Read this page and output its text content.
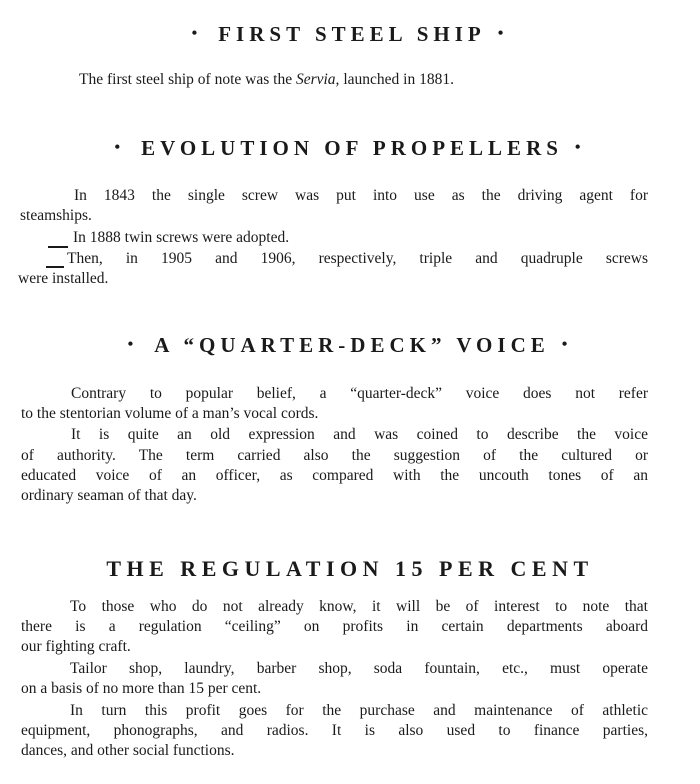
• FIRST STEEL SHIP •
The first steel ship of note was the Servia, launched in 1881.
• EVOLUTION OF PROPELLERS •
In 1843 the single screw was put into use as the driving agent for
steamships.
In 1888 twin screws were adopted.
Then, in 1905 and 1906, respectively, triple and quadruple screws
were installed.
• A “QUARTER-DECK” VOICE •
Contrary to popular belief, a “quarter-deck” voice does not refer
to the stentorian volume of a man’s vocal cords.
It is quite an old expression and was coined to describe the voice
of authority. The term carried also the suggestion of the cultured or
educated voice of an officer, as compared with the uncouth tones of an
ordinary seaman of that day.
THE REGULATION 15 PER CENT
To those who do not already know, it will be of interest to note that
there is a regulation “ceiling” on profits in certain departments aboard
our fighting craft.
Tailor shop, laundry, barber shop, soda fountain, etc., must operate
on a basis of no more than 15 per cent.
In turn this profit goes for the purchase and maintenance of athletic
equipment, phonographs, and radios. It is also used to finance parties,
dances, and other social functions.
